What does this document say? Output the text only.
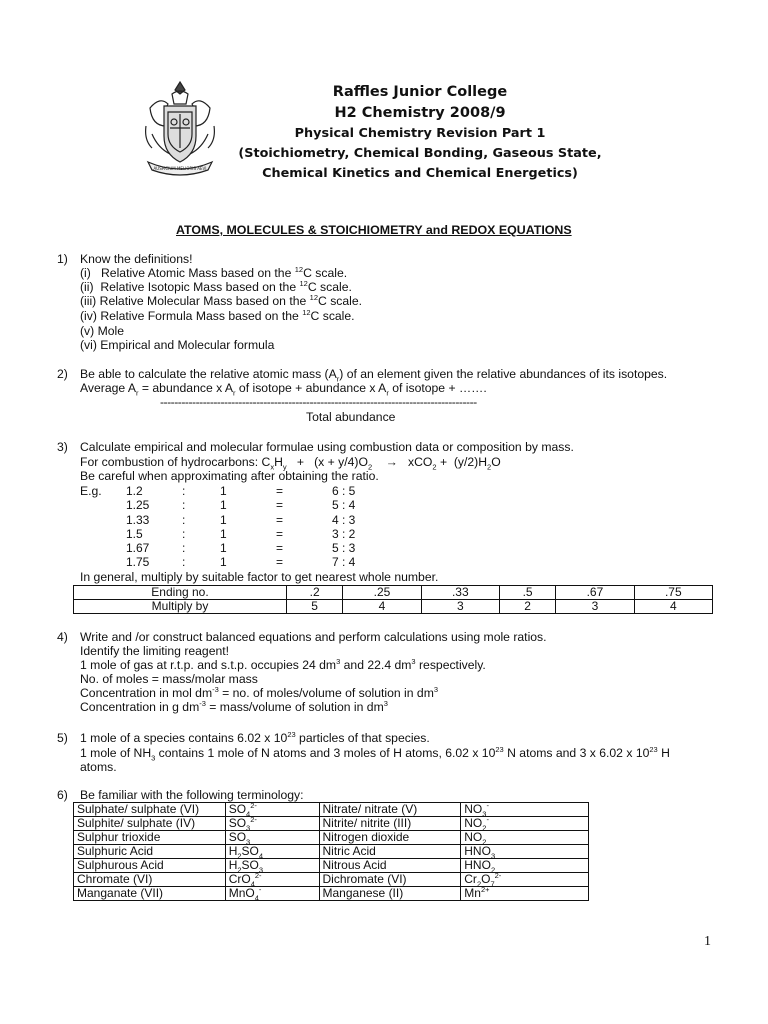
AUSPICIUM MELIORIS AEVI
Raffles Junior College
H2 Chemistry 2008/9
Physical Chemistry Revision Part 1
(Stoichiometry, Chemical Bonding, Gaseous State,
Chemical Kinetics and Chemical Energetics)
ATOMS, MOLECULES & STOICHIOMETRY and REDOX EQUATIONS
1) Know the definitions!
(i) Relative Atomic Mass based on the $^{12}$C scale.
(ii) Relative Isotopic Mass based on the $^{12}$C scale.
(iii) Relative Molecular Mass based on the $^{12}$C scale.
(iv) Relative Formula Mass based on the $^{12}$C scale.
(v) Mole
(vi) Empirical and Molecular formula
2) Be able to calculate the relative atomic mass $(A_r)$ of an element given the relative abundances of its isotopes.
Average $A_r$ = abundance x $A_r$ of isotope + abundance x $A_r$ of isotope + …….
-----------------------------------------------------------------------------------------
Total abundance
3) Calculate empirical and molecular formulae using combustion data or composition by mass.
For combustion of hydrocarbons: $C_xH_y + (x + y/4)O_2$    →   $xCO_2 + (y/2)H_2O$
Be careful when approximating after obtaining the ratio.
E.g. 1.2	:	1	=	6 : 5
1.25	:	1	=	5 : 4
1.33	:	1	=	4 : 3
1.5	:	1	=	3 : 2
1.67	:	1	=	5 : 3
1.75	:	1	=	7 : 4
In general, multiply by suitable factor to get nearest whole number.
Ending no.	.2	.25	.33	.5	.67	.75
Multiply by	5	4	3	2	3	4
4) Write and /or construct balanced equations and perform calculations using mole ratios.
Identify the limiting reagent!
1 mole of gas at r.t.p. and s.t.p. occupies 24 $dm^3$ and 22.4 $dm^3$ respectively.
No. of moles = mass/molar mass
Concentration in mol $dm^{-3}$ = no. of moles/volume of solution in $dm^3$
Concentration in g $dm^{-3}$ = mass/volume of solution in $dm^3$
5) 1 mole of a species contains 6.02 x $10^{23}$ particles of that species.
1 mole of $NH_3$ contains 1 mole of N atoms and 3 moles of H atoms, 6.02 x $10^{23}$ N atoms and 3 x 6.02 x $10^{23}$ H
atoms.
6) Be familiar with the following terminology:
Sulphate/ sulphate (VI)	$SO_4^{2-}$	Nitrate/ nitrate (V)	$NO_3^-$
Sulphite/ sulphate (IV)	$SO_3^{2-}$	Nitrite/ nitrite (III)	$NO_2^-$
Sulphur trioxide	$SO_3$	Nitrogen dioxide	$NO_2$
Sulphuric Acid	$H_2SO_4$	Nitric Acid	$HNO_3$
Sulphurous Acid	$H_2SO_3$	Nitrous Acid	$HNO_2$
Chromate (VI)	CrO$_4^{2-}$	Dichromate (VI)	$Cr_2O_7^{2-}$
Manganate (VII)	MnO$_4$-	Manganese (II)	$Mn^{2+}$
1
